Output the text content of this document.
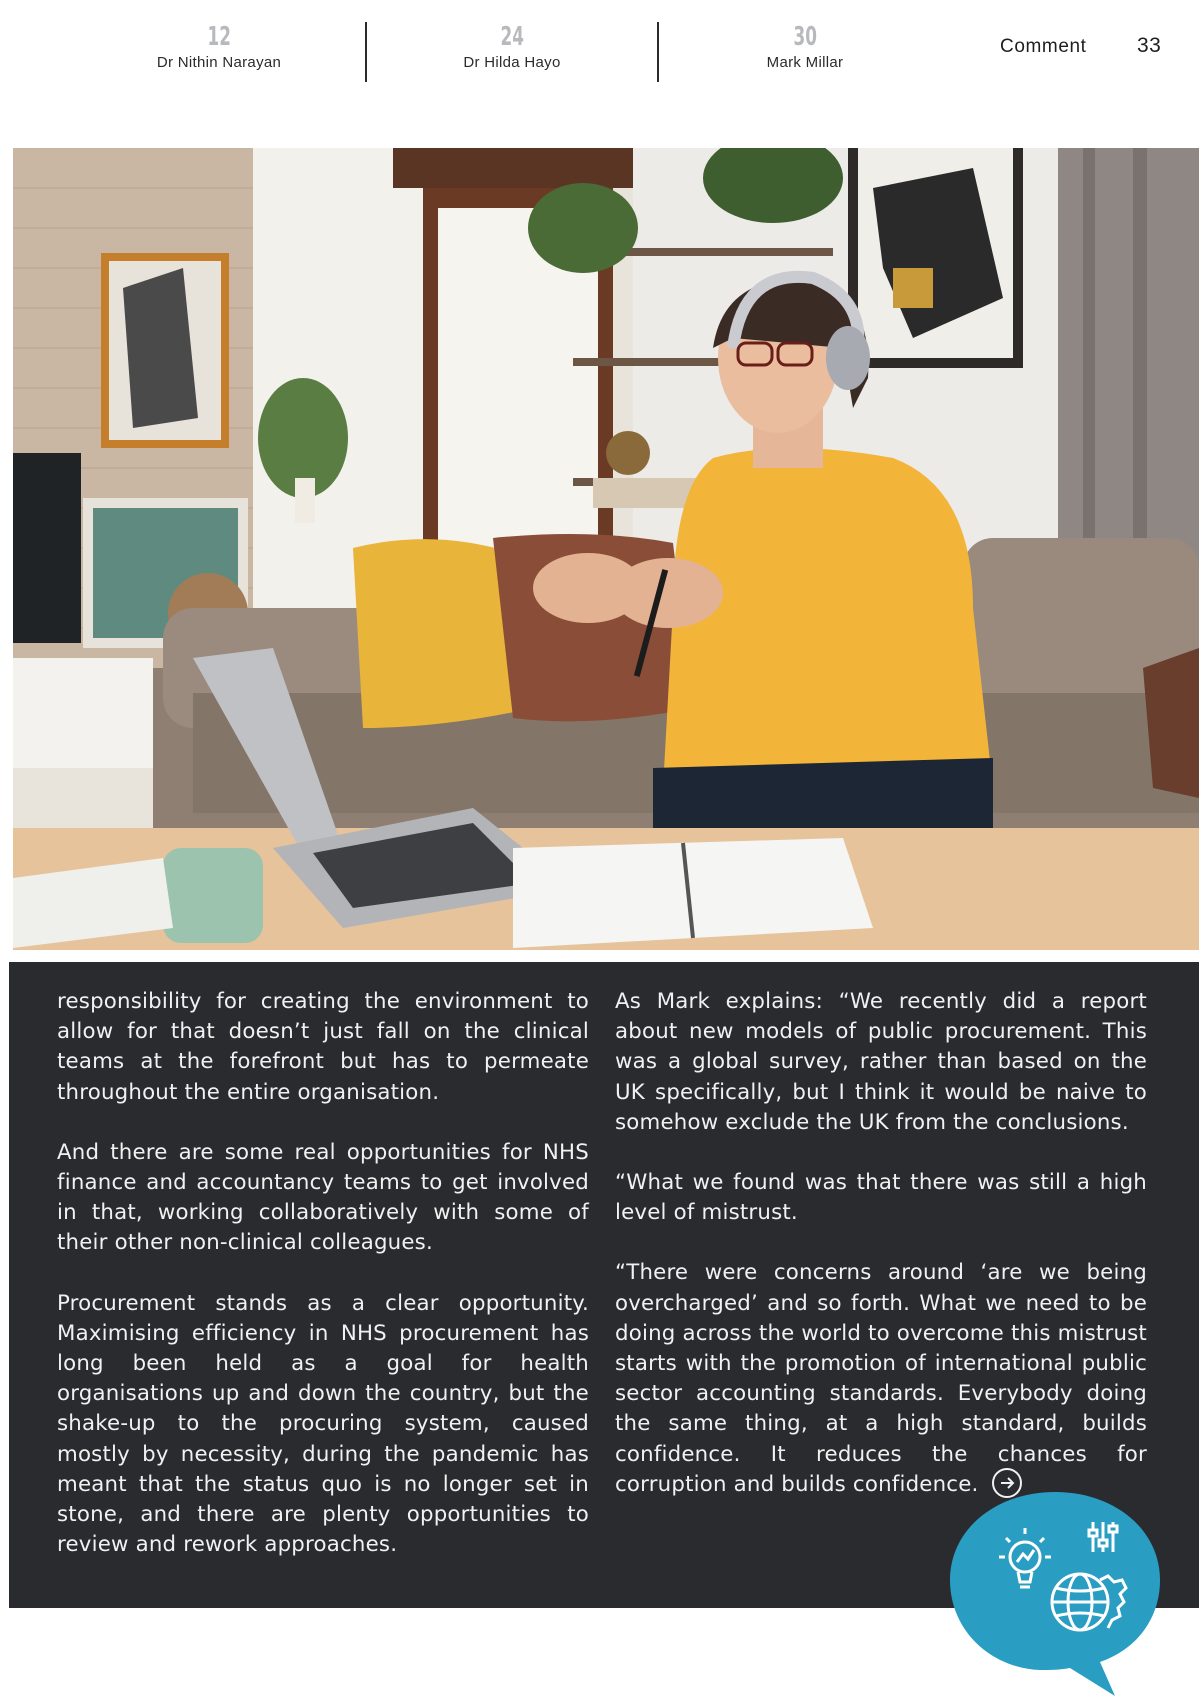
12
Dr Nithin Narayan
24
Dr Hilda Hayo
30
Mark Millar
Comment 33

responsibility for creating the environment to allow for that doesn’t just fall on the clinical teams at the forefront but has to permeate throughout the entire organisation.

And there are some real opportunities for NHS finance and accountancy teams to get involved in that, working collaboratively with some of their other non-clinical colleagues.

Procurement stands as a clear opportunity. Maximising efficiency in NHS procurement has long been held as a goal for health organisations up and down the country, but the shake-up to the procuring system, caused mostly by necessity, during the pandemic has meant that the status quo is no longer set in stone, and there are plenty opportunities to review and rework approaches.

As Mark explains: “We recently did a report about new models of public procurement. This was a global survey, rather than based on the UK specifically, but I think it would be naive to somehow exclude the UK from the conclusions.

“What we found was that there was still a high level of mistrust.

“There were concerns around ‘are we being overcharged’ and so forth. What we need to be doing across the world to overcome this mistrust starts with the promotion of international public sector accounting standards. Everybody doing the same thing, at a high standard, builds confidence. It reduces the chances for corruption and builds confidence.
